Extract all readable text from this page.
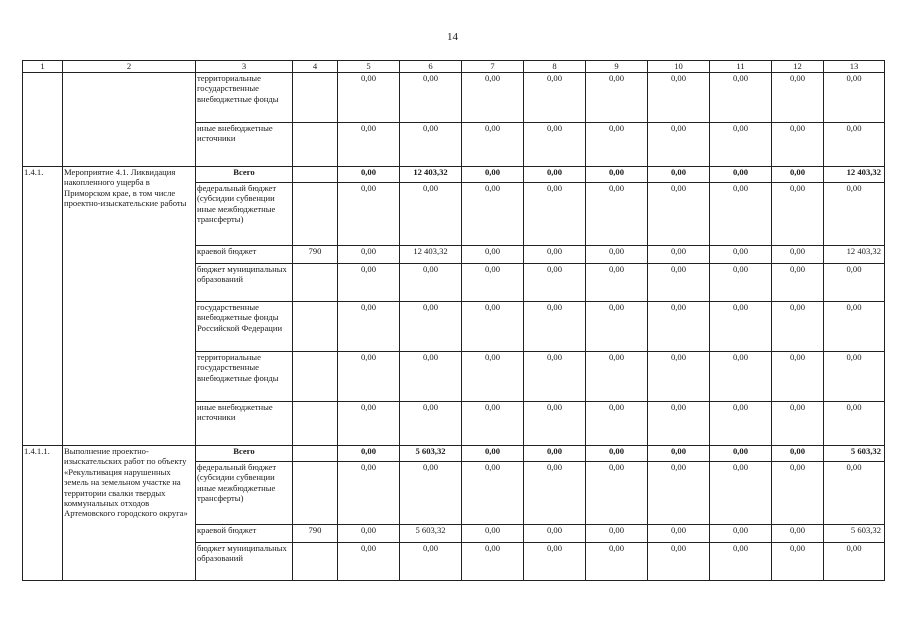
14
1	2	3	4	5	6	7	8	9	10	11	12	13
		территориальные государственные внебюджетные фонды		0,00	0,00	0,00	0,00	0,00	0,00	0,00	0,00	0,00
		иные внебюджетные источники		0,00	0,00	0,00	0,00	0,00	0,00	0,00	0,00	0,00
1.4.1.	Мероприятие 4.1. Ликвидация накопленного ущерба в Приморском крае, в том числе проектно-изыскательские работы	Всего		0,00	12 403,32	0,00	0,00	0,00	0,00	0,00	0,00	12 403,32
		федеральный бюджет (субсидии субвенции иные межбюджетные трансферты)		0,00	0,00	0,00	0,00	0,00	0,00	0,00	0,00	0,00
		краевой бюджет	790	0,00	12 403,32	0,00	0,00	0,00	0,00	0,00	0,00	12 403,32
		бюджет муниципальных образований		0,00	0,00	0,00	0,00	0,00	0,00	0,00	0,00	0,00
		государственные внебюджетные фонды Российской Федерации		0,00	0,00	0,00	0,00	0,00	0,00	0,00	0,00	0,00
		территориальные государственные внебюджетные фонды		0,00	0,00	0,00	0,00	0,00	0,00	0,00	0,00	0,00
		иные внебюджетные источники		0,00	0,00	0,00	0,00	0,00	0,00	0,00	0,00	0,00
1.4.1.1.	Выполнение проектно-изыскательских работ по объекту «Рекультивация нарушенных земель на земельном участке на территории свалки твердых коммунальных отходов Артемовского городского округа»	Всего		0,00	5 603,32	0,00	0,00	0,00	0,00	0,00	0,00	5 603,32
		федеральный бюджет (субсидии субвенции иные межбюджетные трансферты)		0,00	0,00	0,00	0,00	0,00	0,00	0,00	0,00	0,00
		краевой бюджет	790	0,00	5 603,32	0,00	0,00	0,00	0,00	0,00	0,00	5 603,32
		бюджет муниципальных образований		0,00	0,00	0,00	0,00	0,00	0,00	0,00	0,00	0,00
